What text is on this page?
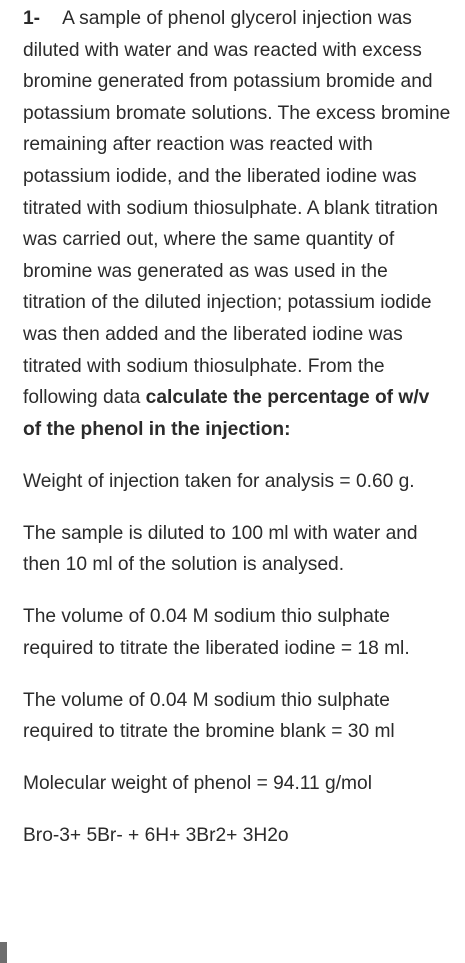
1- A sample of phenol glycerol injection was diluted with water and was reacted with excess bromine generated from potassium bromide and potassium bromate solutions. The excess bromine remaining after reaction was reacted with potassium iodide, and the liberated iodine was titrated with sodium thiosulphate. A blank titration was carried out, where the same quantity of bromine was generated as was used in the titration of the diluted injection; potassium iodide was then added and the liberated iodine was titrated with sodium thiosulphate. From the following data calculate the percentage of w/v of the phenol in the injection:

Weight of injection taken for analysis = 0.60 g.

The sample is diluted to 100 ml with water and then 10 ml of the solution is analysed.

The volume of 0.04 M sodium thio sulphate required to titrate the liberated iodine = 18 ml.

The volume of 0.04 M sodium thio sulphate required to titrate the bromine blank = 30 ml

Molecular weight of phenol = 94.11 g/mol

Bro-3+ 5Br- + 6H+ 3Br2+ 3H2o
